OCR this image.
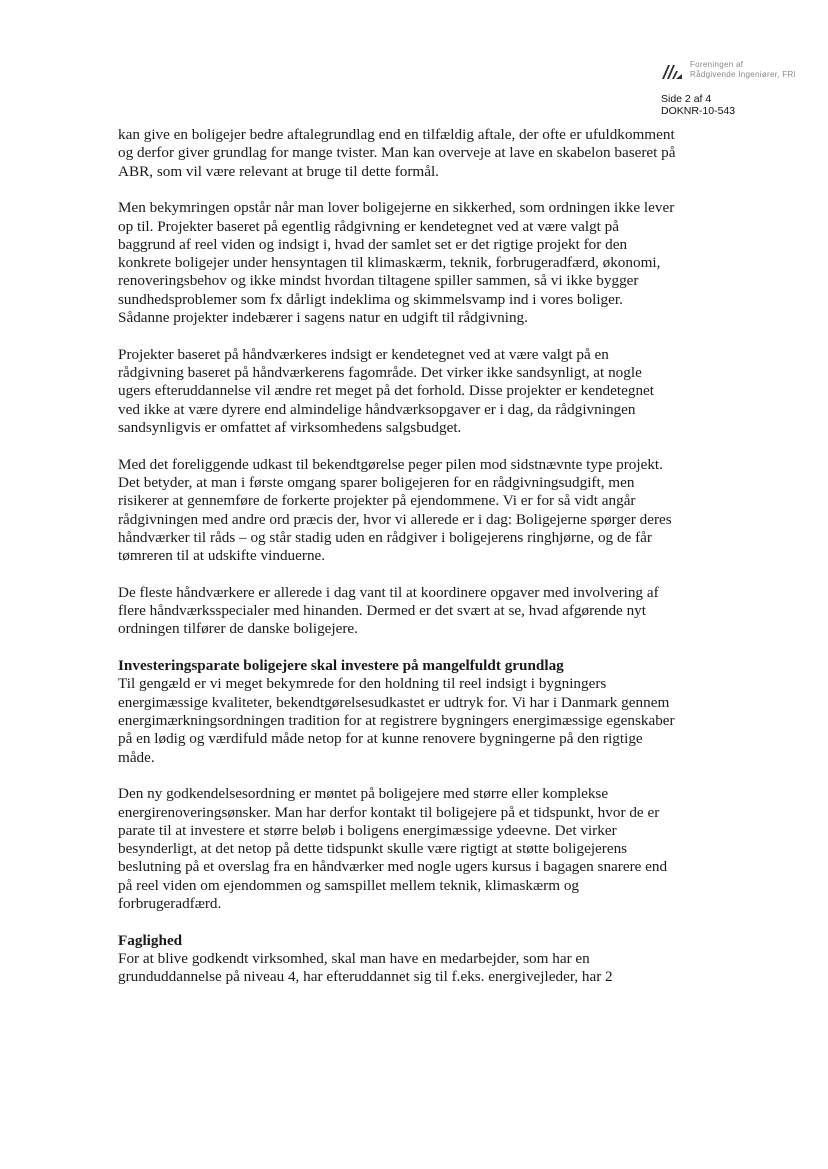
Foreningen af
Rådgivende Ingeniører, FRI
Side 2 af 4
DOKNR-10-543

kan give en boligejer bedre aftalegrundlag end en tilfældig aftale, der ofte er ufuldkomment og derfor giver grundlag for mange tvister. Man kan overveje at lave en skabelon baseret på ABR, som vil være relevant at bruge til dette formål.

Men bekymringen opstår når man lover boligejerne en sikkerhed, som ordningen ikke lever op til. Projekter baseret på egentlig rådgivning er kendetegnet ved at være valgt på baggrund af reel viden og indsigt i, hvad der samlet set er det rigtige projekt for den konkrete boligejer under hensyntagen til klimaskærm, teknik, forbrugeradfærd, økonomi, renoveringsbehov og ikke mindst hvordan tiltagene spiller sammen, så vi ikke bygger sundhedsproblemer som fx dårligt indeklima og skimmelsvamp ind i vores boliger. Sådanne projekter indebærer i sagens natur en udgift til rådgivning.

Projekter baseret på håndværkeres indsigt er kendetegnet ved at være valgt på en rådgivning baseret på håndværkerens fagområde. Det virker ikke sandsynligt, at nogle ugers efteruddannelse vil ændre ret meget på det forhold. Disse projekter er kendetegnet ved ikke at være dyrere end almindelige håndværksopgaver er i dag, da rådgivningen sandsynligvis er omfattet af virksomhedens salgsbudget.

Med det foreliggende udkast til bekendtgørelse peger pilen mod sidstnævnte type projekt. Det betyder, at man i første omgang sparer boligejeren for en rådgivningsudgift, men risikerer at gennemføre de forkerte projekter på ejendommene. Vi er for så vidt angår rådgivningen med andre ord præcis der, hvor vi allerede er i dag: Boligejerne spørger deres håndværker til råds – og står stadig uden en rådgiver i boligejerens ringhjørne, og de får tømreren til at udskifte vinduerne.

De fleste håndværkere er allerede i dag vant til at koordinere opgaver med involvering af flere håndværksspecialer med hinanden. Dermed er det svært at se, hvad afgørende nyt ordningen tilfører de danske boligejere.

Investeringsparate boligejere skal investere på mangelfuldt grundlag

Til gengæld er vi meget bekymrede for den holdning til reel indsigt i bygningers energimæssige kvaliteter, bekendtgørelsesudkastet er udtryk for. Vi har i Danmark gennem energimærkningsordningen tradition for at registrere bygningers energimæssige egenskaber på en lødig og værdifuld måde netop for at kunne renovere bygningerne på den rigtige måde.

Den ny godkendelsesordning er møntet på boligejere med større eller komplekse energirenoveringsønsker. Man har derfor kontakt til boligejere på et tidspunkt, hvor de er parate til at investere et større beløb i boligens energimæssige ydeevne. Det virker besynderligt, at det netop på dette tidspunkt skulle være rigtigt at støtte boligejerens beslutning på et overslag fra en håndværker med nogle ugers kursus i bagagen snarere end på reel viden om ejendommen og samspillet mellem teknik, klimaskærm og forbrugeradfærd.

Faglighed

For at blive godkendt virksomhed, skal man have en medarbejder, som har en grunduddannelse på niveau 4, har efteruddannet sig til f.eks. energivejleder, har 2
